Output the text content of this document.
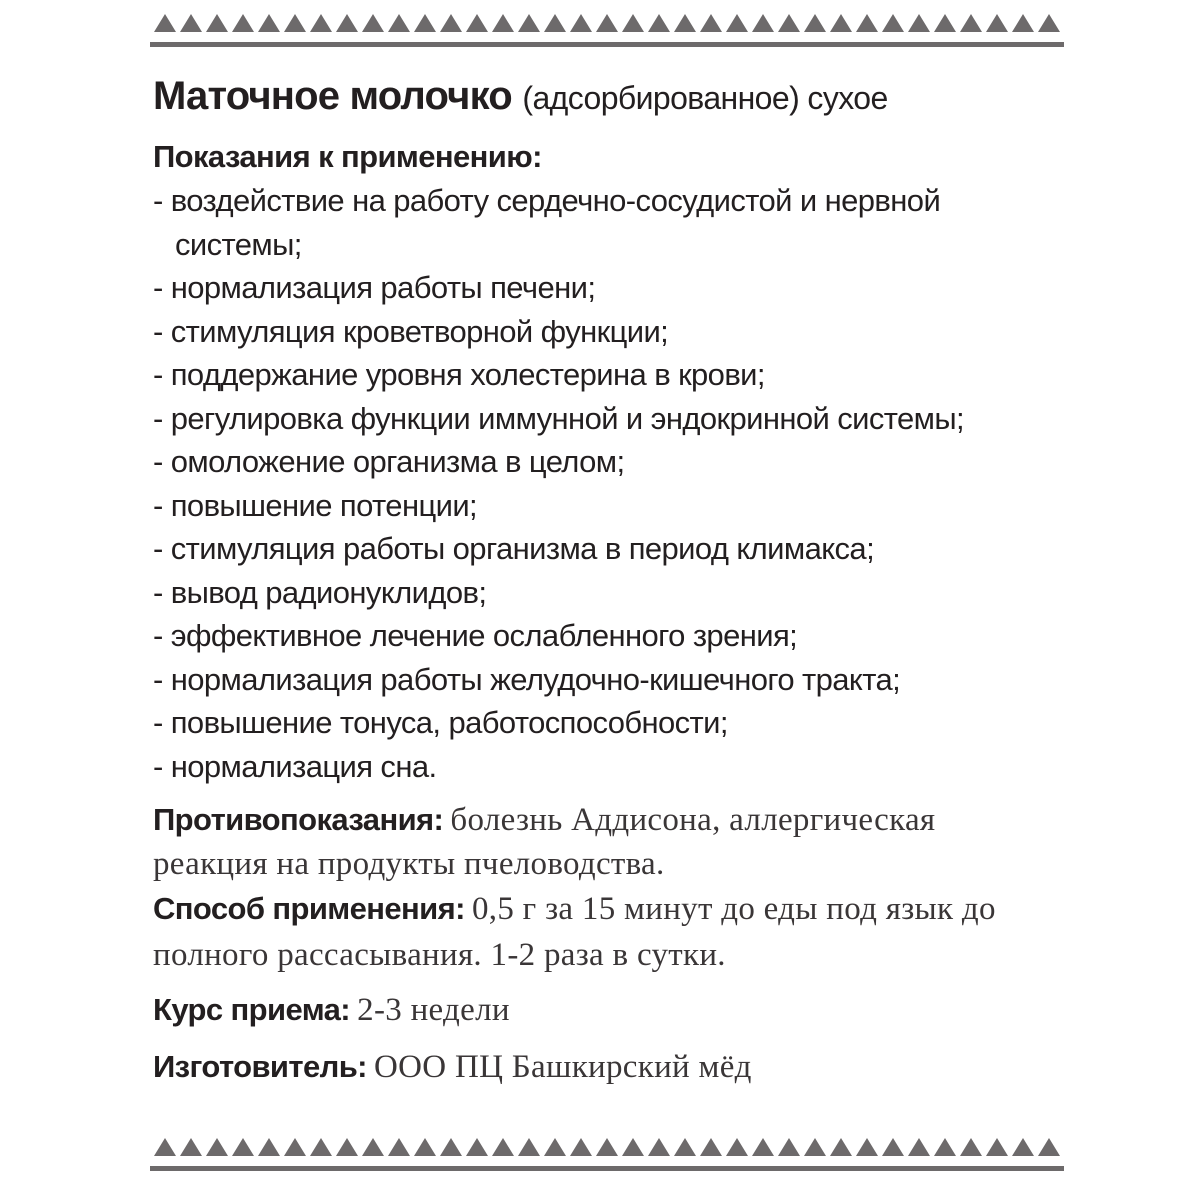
Маточное молочко (адсорбированное) сухое
Показания к применению:
- воздействие на работу сердечно-сосудистой и нервной системы;
- нормализация работы печени;
- стимуляция кроветворной функции;
- поддержание уровня холестерина в крови;
- регулировка функции иммунной и эндокринной системы;
- омоложение организма в целом;
- повышение потенции;
- стимуляция работы организма в период климакса;
- вывод радионуклидов;
- эффективное лечение ослабленного зрения;
- нормализация работы желудочно-кишечного тракта;
- повышение тонуса, работоспособности;
- нормализация сна.
Противопоказания: болезнь Аддисона, аллергическая реакция на продукты пчеловодства.
Способ применения: 0,5 г за 15 минут до еды под язык до полного рассасывания. 1-2 раза в сутки.
Курс приема: 2-3 недели
Изготовитель: ООО ПЦ Башкирский мёд
